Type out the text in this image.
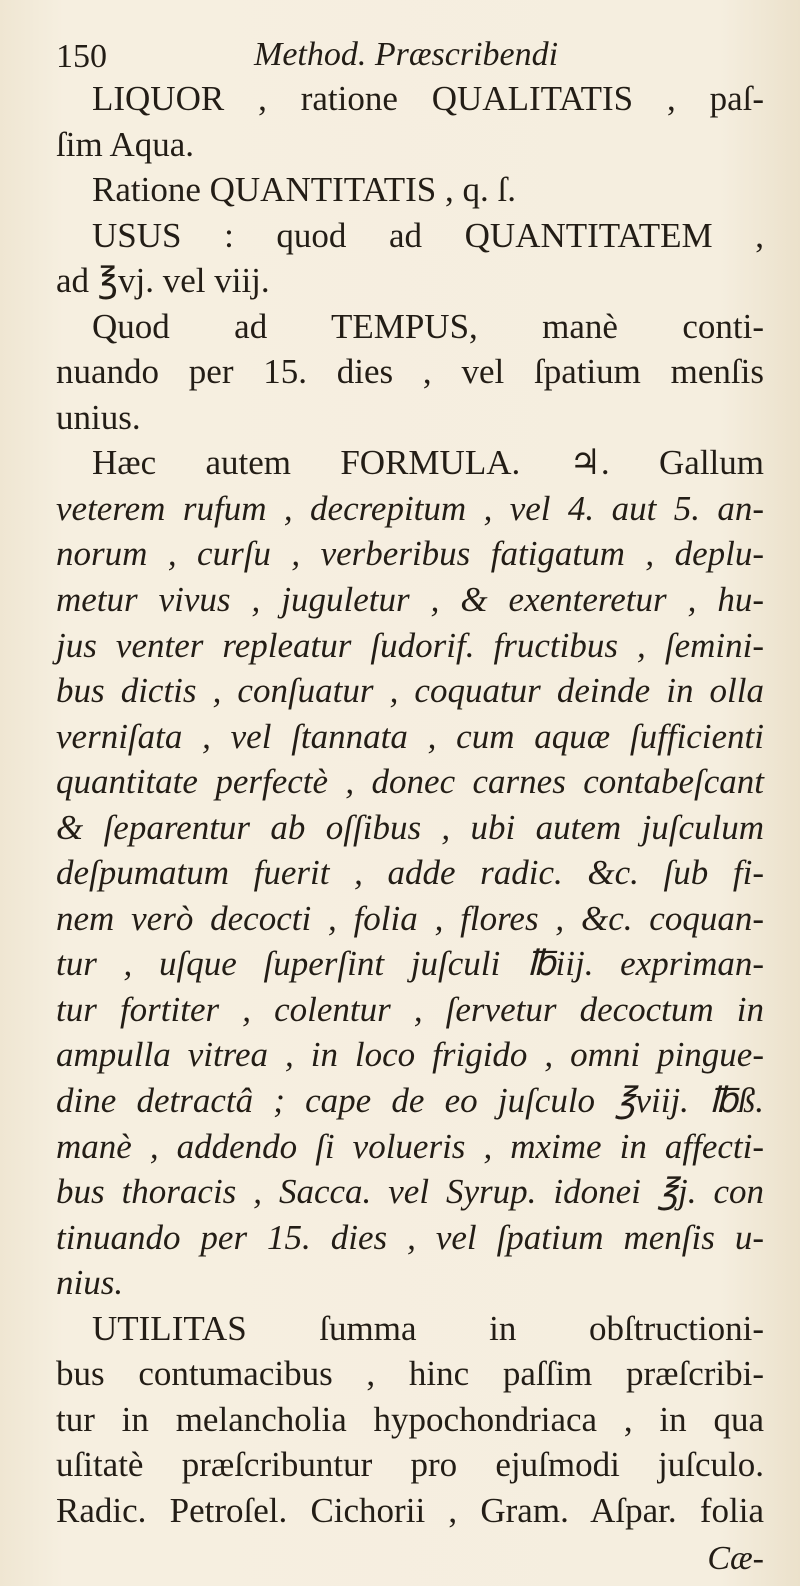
150	Method. Præscribendi
LIQUOR , ratione QUALITATIS , paſ-
ſim Aqua.
Ratione QUANTITATIS , q. ſ.
USUS : quod ad QUANTITATEM ,
ad ℥vj. vel viij.
Quod ad TEMPUS, manè conti-
nuando per 15. dies , vel ſpatium menſis
unius.
Hæc autem FORMULA. ♃. Gallum
veterem rufum , decrepitum , vel 4. aut 5. an-
norum , curſu , verberibus fatigatum , deplu-
metur vivus , juguletur , & exenteretur , hu-
jus venter repleatur ſudorif. fructibus , ſemini-
bus dictis , conſuatur , coquatur deinde in olla
verniſata , vel ſtannata , cum aquæ ſufficienti
quantitate perfectè , donec carnes contabeſcant
& ſeparentur ab oſſibus , ubi autem juſculum
deſpumatum fuerit , adde radic. &c. ſub fi-
nem verò decocti , folia , flores , &c. coquan-
tur , uſque ſuperſint juſculi ℔iij. expriman-
tur fortiter , colentur , ſervetur decoctum in
ampulla vitrea , in loco frigido , omni pingue-
dine detractâ ; cape de eo juſculo ℥viij. ℔ß.
manè , addendo ſi volueris , mxime in affecti-
bus thoracis , Sacca. vel Syrup. idonei ℥j. con
tinuando per 15. dies , vel ſpatium menſis u-
nius.
UTILITAS ſumma in obſtructioni-
bus contumacibus , hinc paſſim præſcribi-
tur in melancholia hypochondriaca , in qua
uſitatè præſcribuntur pro ejuſmodi juſculo.
Radic. Petroſel. Cichorii , Gram. Aſpar. folia
Cæ-
